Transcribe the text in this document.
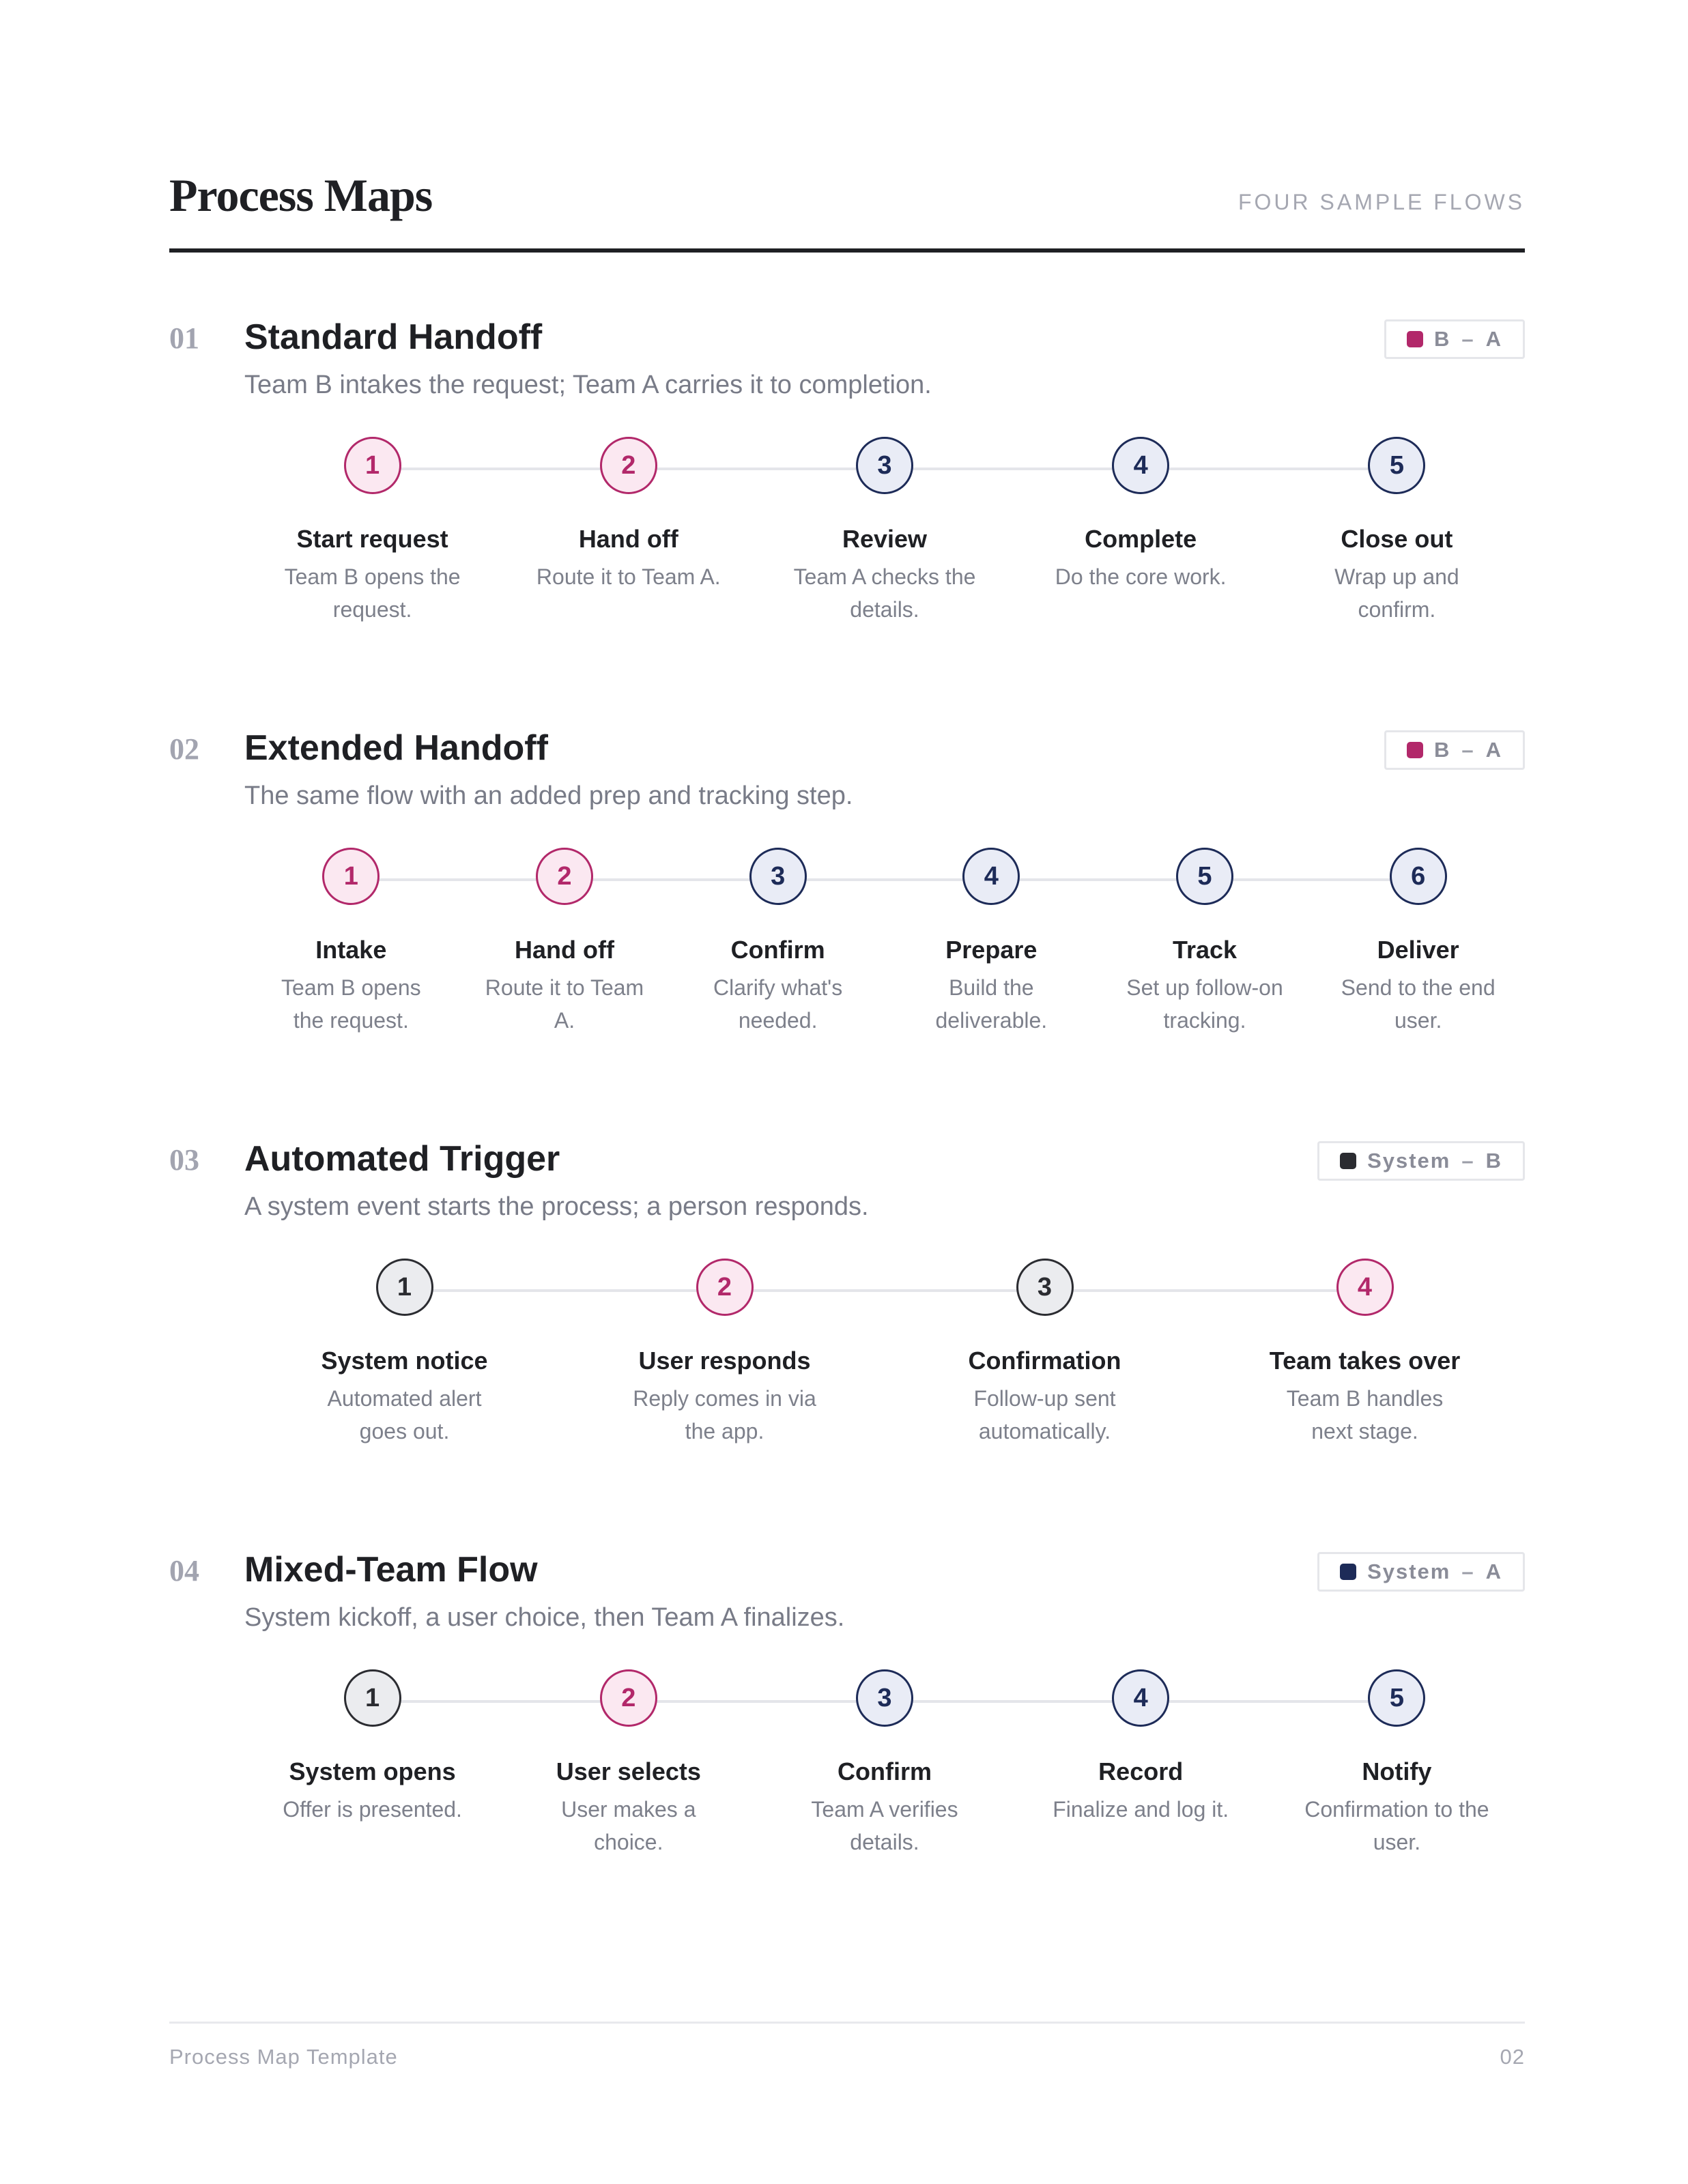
Process Maps	FOUR SAMPLE FLOWS
01 Standard Handoff

Team B intakes the request; Team A carries it to completion.

B – A
1
Start request
Team B opens the request.
2
Hand off
Route it to Team A.
3
Review
Team A checks the details.
4
Complete
Do the core work.
5
Close out
Wrap up and confirm.
02 Extended Handoff

The same flow with an added prep and tracking step.

B – A
1
Intake
Team B opens the request.
2
Hand off
Route it to Team A.
3
Confirm
Clarify what's needed.
4
Prepare
Build the deliverable.
5
Track
Set up follow-on tracking.
6
Deliver
Send to the end user.
03 Automated Trigger

A system event starts the process; a person responds.

System – B
1
System notice
Automated alert goes out.
2
User responds
Reply comes in via the app.
3
Confirmation
Follow-up sent automatically.
4
Team takes over
Team B handles next stage.
04 Mixed-Team Flow

System kickoff, a user choice, then Team A finalizes.

System – A
1
System opens
Offer is presented.
2
User selects
User makes a choice.
3
Confirm
Team A verifies details.
4
Record
Finalize and log it.
5
Notify
Confirmation to the user.
Process Map Template	02
